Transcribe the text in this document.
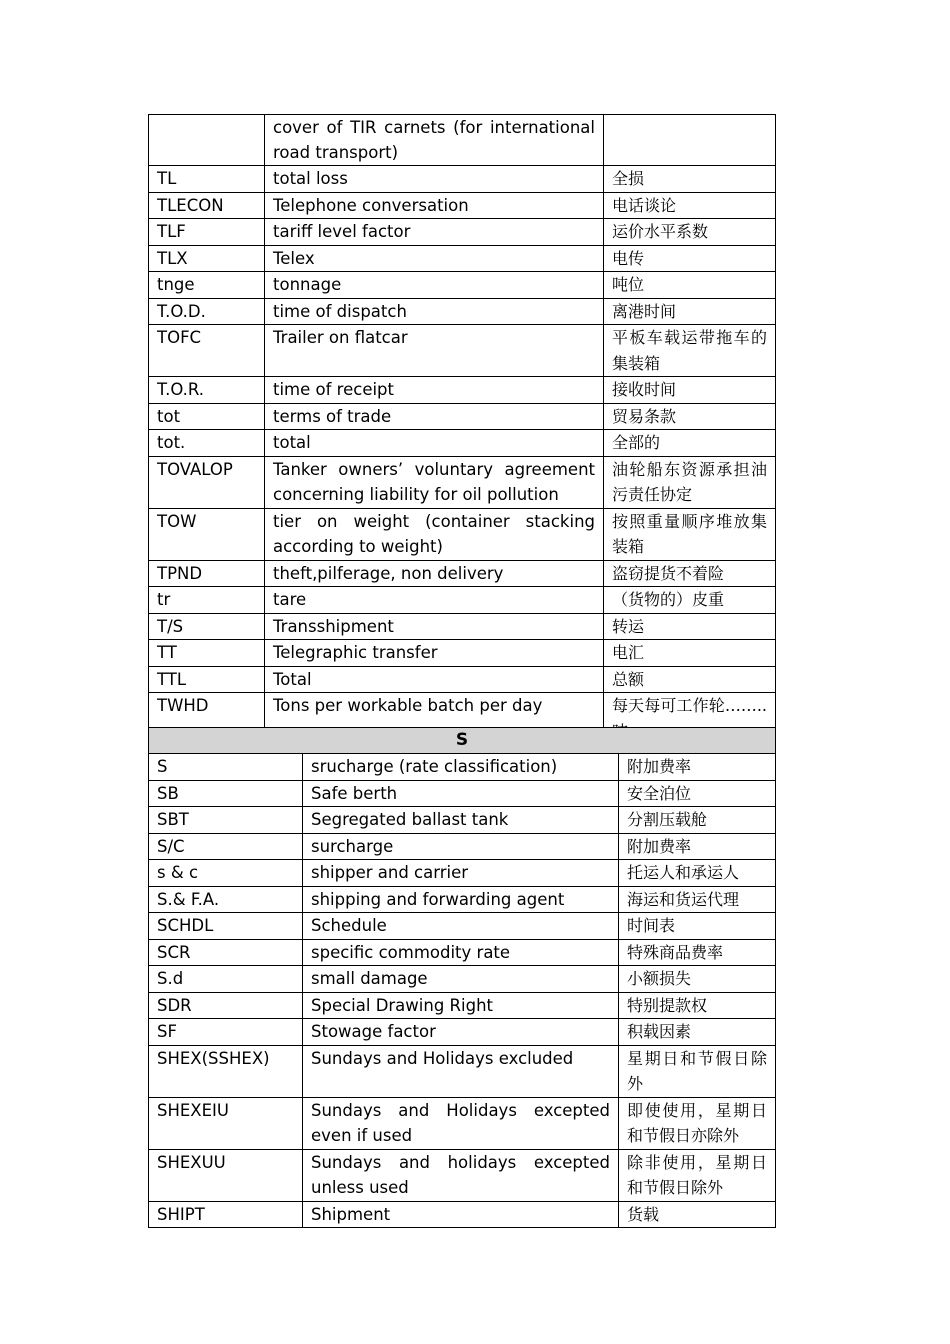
	cover of TIR carnets (for international road transport)	
TL	total loss	全损
TLECON	Telephone conversation	电话谈论
TLF	tariff level factor	运价水平系数
TLX	Telex	电传
tnge	tonnage	吨位
T.O.D.	time of dispatch	离港时间
TOFC	Trailer on flatcar	平板车载运带拖车的集装箱
T.O.R.	time of receipt	接收时间
tot	terms of trade	贸易条款
tot.	total	全部的
TOVALOP	Tanker owners’ voluntary agreement concerning liability for oil pollution	油轮船东资源承担油污责任协定
TOW	tier on weight (container stacking according to weight)	按照重量顺序堆放集装箱
TPND	theft,pilferage, non delivery	盗窃提货不着险
tr	tare	（货物的）皮重
T/S	Transshipment	转运
TT	Telegraphic transfer	电汇
TTL	Total	总额
TWHD	Tons per workable batch per day	每天每可工作轮……..
S		
S	srucharge (rate classification)	附加费率
SB	Safe berth	安全泊位
SBT	Segregated ballast tank	分割压载舱
S/C	surcharge	附加费率
s & c	shipper and carrier	托运人和承运人
S.& F.A.	shipping and forwarding agent	海运和货运代理
SCHDL	Schedule	时间表
SCR	specific commodity rate	特殊商品费率
S.d	small damage	小额损失
SDR	Special Drawing Right	特别提款权
SF	Stowage factor	积载因素
SHEX(SSHEX)	Sundays and Holidays excluded	星期日和节假日除外
SHEXEIU	Sundays and Holidays excepted even if used	即使使用，星期日和节假日亦除外
SHEXUU	Sundays and holidays excepted unless used	除非使用，星期日和节假日除外
SHIPT	Shipment	货载
